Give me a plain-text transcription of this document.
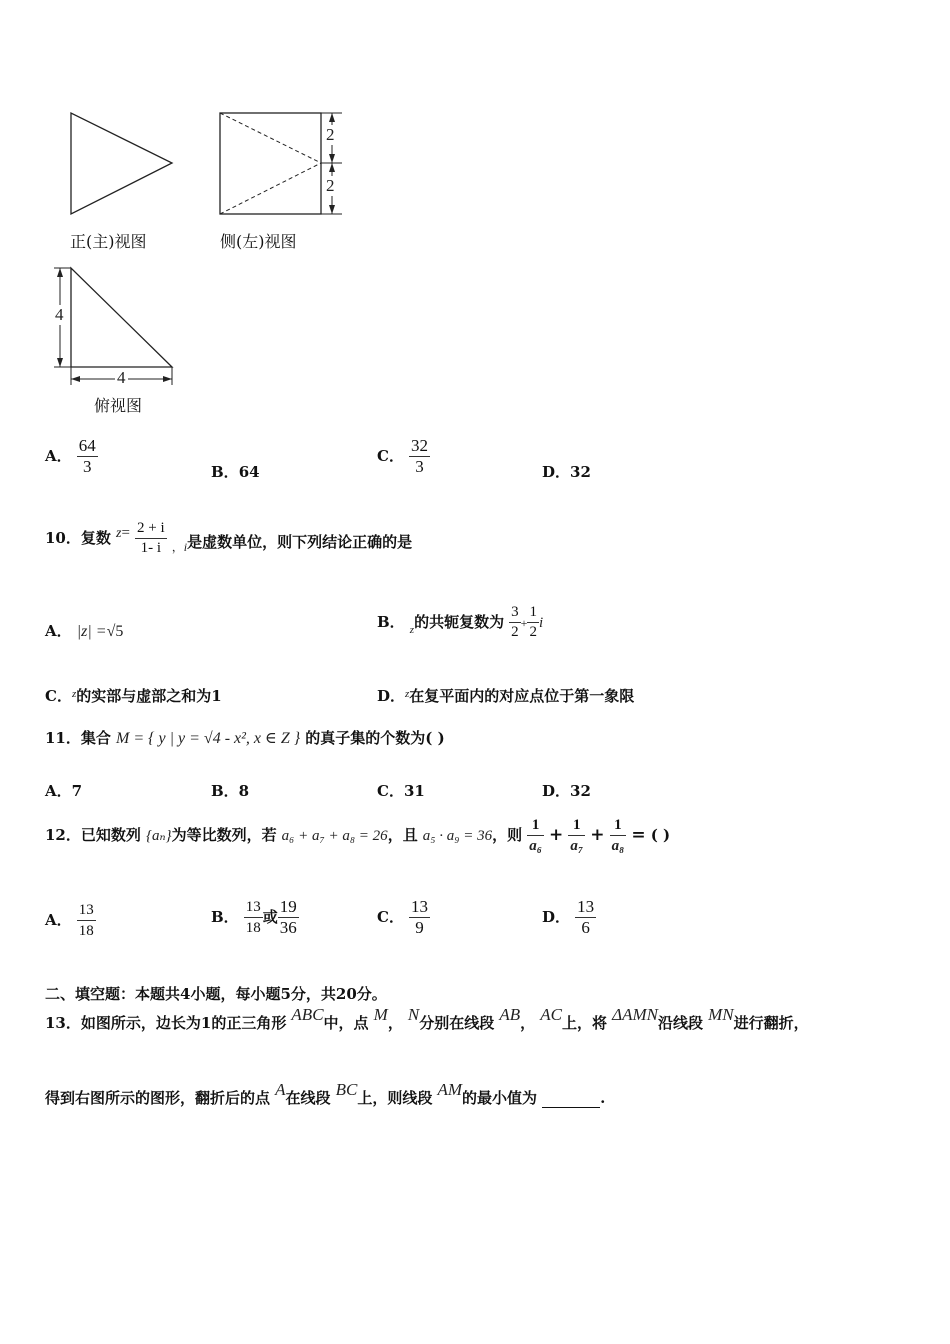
2
2
4
4
正(主)视图	侧(左)视图
俯视图
A． $\frac{64}{3}$	B．64
C． $\frac{32}{3}$	D．32
10．复数 $z= \frac{2 + i}{1- i} _{,i}$是虚数单位，则下列结论正确的是
A． |z| =√5
B． $_z$的共轭复数为 $\frac{3}{2} + \frac{1}{2}$ i
C．$^z$的实部与虚部之和为1	D．$^z$在复平面内的对应点位于第一象限
11．集合 M = { y | y = √4 - x², x ∈ Z } 的真子集的个数为( )
A．7	B．8	C．31	D．32
12．已知数列 {aₙ}为等比数列，若 a₆ + a₇ + a₈ = 26，且 a₅ · a₉ = 36，则 $\frac{1}{\text{a₆}} + \frac{1}{\text{a₇}} + \frac{1}{\text{a₈}}$ = ( )
A． $\frac{13}{18}$	B． $\frac{13}{18}$ 或 $\frac{19}{36}$	C． $\frac{13}{9}$	D． $\frac{13}{6}$
二、填空题：本题共4小题，每小题5分，共20分。
13．如图所示，边长为1的正三角形 ABC中，点 M， N分别在线段 AB， AC上，将 ΔAMN沿线段 MN进行翻折，
得到右图所示的图形，翻折后的点 A在线段 BC上，则线段 AM的最小值为	.
